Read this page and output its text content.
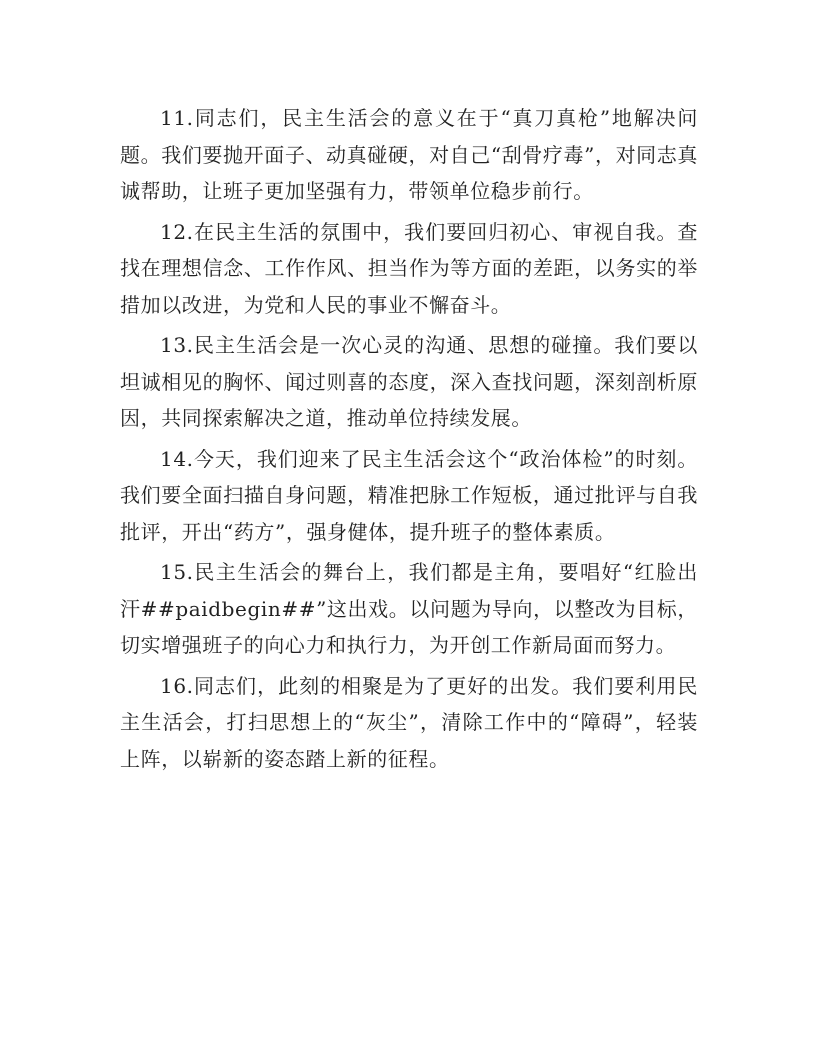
11.同志们，民主生活会的意义在于“真刀真枪”地解决问题。我们要抛开面子、动真碰硬，对自己“刮骨疗毒”，对同志真诚帮助，让班子更加坚强有力，带领单位稳步前行。

12.在民主生活的氛围中，我们要回归初心、审视自我。查找在理想信念、工作作风、担当作为等方面的差距，以务实的举措加以改进，为党和人民的事业不懈奋斗。

13.民主生活会是一次心灵的沟通、思想的碰撞。我们要以坦诚相见的胸怀、闻过则喜的态度，深入查找问题，深刻剖析原因，共同探索解决之道，推动单位持续发展。

14.今天，我们迎来了民主生活会这个“政治体检”的时刻。我们要全面扫描自身问题，精准把脉工作短板，通过批评与自我批评，开出“药方”，强身健体，提升班子的整体素质。

15.民主生活会的舞台上，我们都是主角，要唱好“红脸出汗##paidbegin##”这出戏。以问题为导向，以整改为目标，切实增强班子的向心力和执行力，为开创工作新局面而努力。

16.同志们，此刻的相聚是为了更好的出发。我们要利用民主生活会，打扫思想上的“灰尘”，清除工作中的“障碍”，轻装上阵，以崭新的姿态踏上新的征程。
